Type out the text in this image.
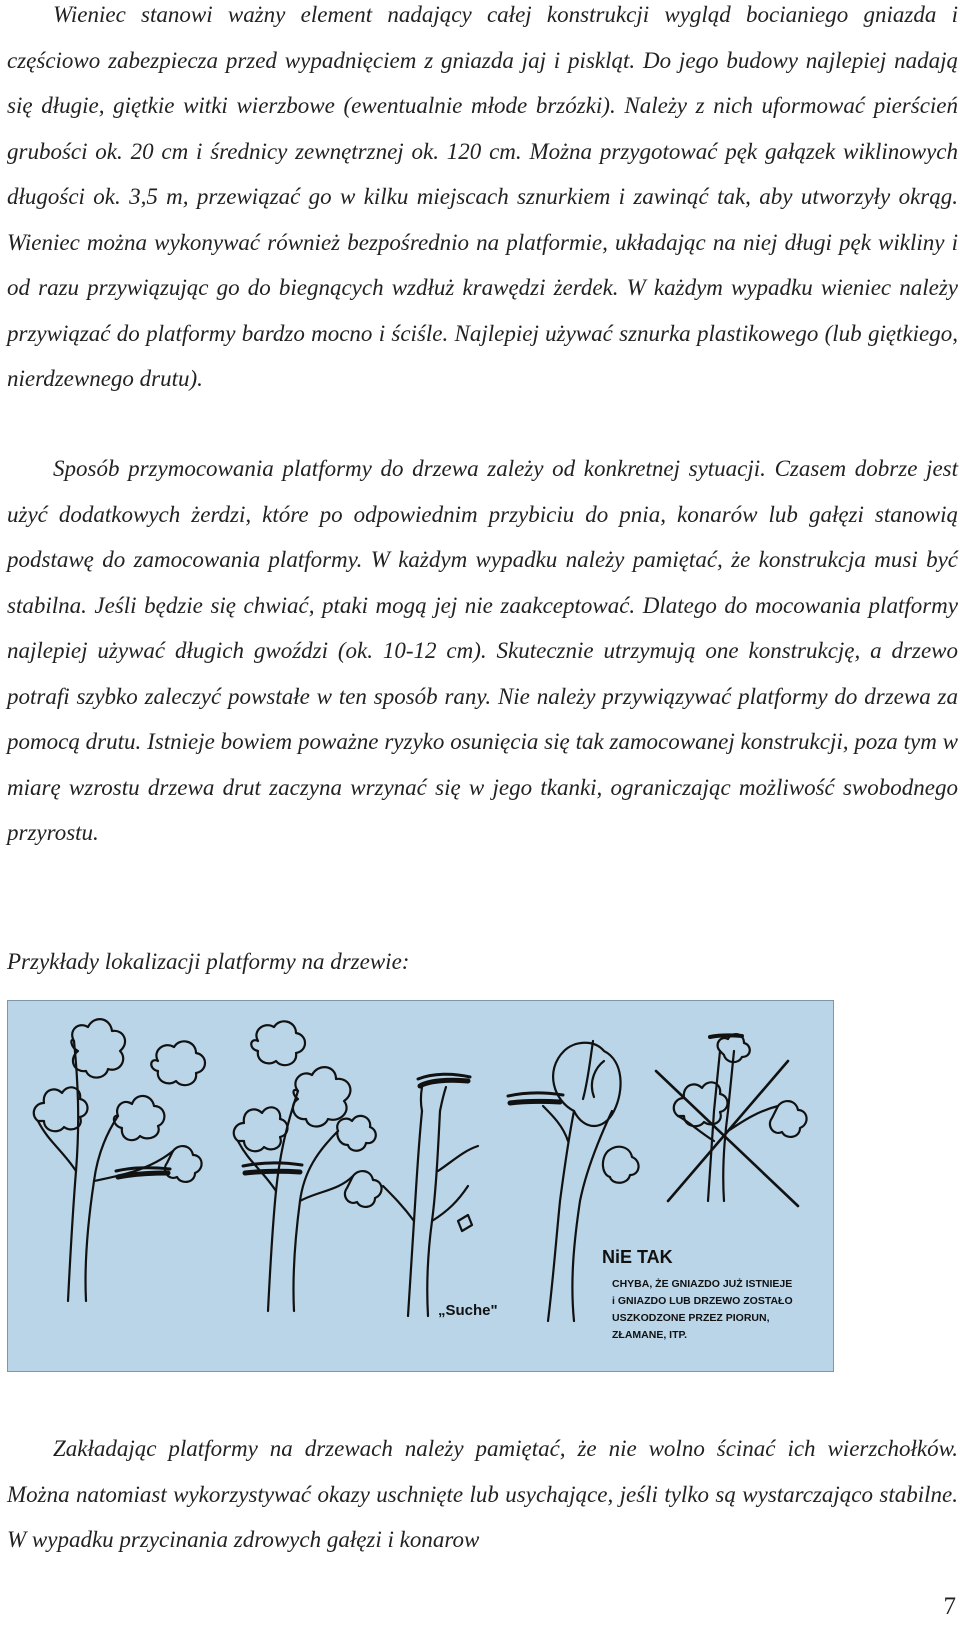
Wieniec stanowi ważny element nadający całej konstrukcji wygląd bocianiego gniazda i częściowo zabezpiecza przed wypadnięciem z gniazda jaj i piskląt. Do jego budowy najlepiej nadają się długie, giętkie witki wierzbowe (ewentualnie młode brzózki). Należy z nich uformować pierścień grubości ok. 20 cm i średnicy zewnętrznej ok. 120 cm. Można przygotować pęk gałązek wiklinowych długości ok. 3,5 m, przewiązać go w kilku miejscach sznurkiem i zawinąć tak, aby utworzyły okrąg. Wieniec można wykonywać również bezpośrednio na platformie, układając na niej długi pęk wikliny i od razu przywiązując go do biegnących wzdłuż krawędzi żerdek. W każdym wypadku wieniec należy przywiązać do platformy bardzo mocno i ściśle. Najlepiej używać sznurka plastikowego (lub giętkiego, nierdzewnego drutu).

Sposób przymocowania platformy do drzewa zależy od konkretnej sytuacji. Czasem dobrze jest użyć dodatkowych żerdzi, które po odpowiednim przybiciu do pnia, konarów lub gałęzi stanowią podstawę do zamocowania platformy. W każdym wypadku należy pamiętać, że konstrukcja musi być stabilna. Jeśli będzie się chwiać, ptaki mogą jej nie zaakceptować. Dlatego do mocowania platformy najlepiej używać długich gwoździ (ok. 10-12 cm). Skutecznie utrzymują one konstrukcję, a drzewo potrafi szybko zaleczyć powstałe w ten sposób rany. Nie należy przywiązywać platformy do drzewa za pomocą drutu. Istnieje bowiem poważne ryzyko osunięcia się tak zamocowanej konstrukcji, poza tym w miarę wzrostu drzewa drut zaczyna wrzynać się w jego tkanki, ograniczając możliwość swobodnego przyrostu.

Przykłady lokalizacji platformy na drzewie:

„Suche"
NiE TAK
CHYBA, ŻE GNIAZDO JUŻ ISTNIEJE
i GNIAZDO LUB DRZEWO ZOSTAŁO
USZKODZONE PRZEZ PIORUN,
ZŁAMANE, ITP.

Zakładając platformy na drzewach należy pamiętać, że nie wolno ścinać ich wierzchołków. Można natomiast wykorzystywać okazy uschnięte lub usychające, jeśli tylko są wystarczająco stabilne. W wypadku przycinania zdrowych gałęzi i konarow

7
